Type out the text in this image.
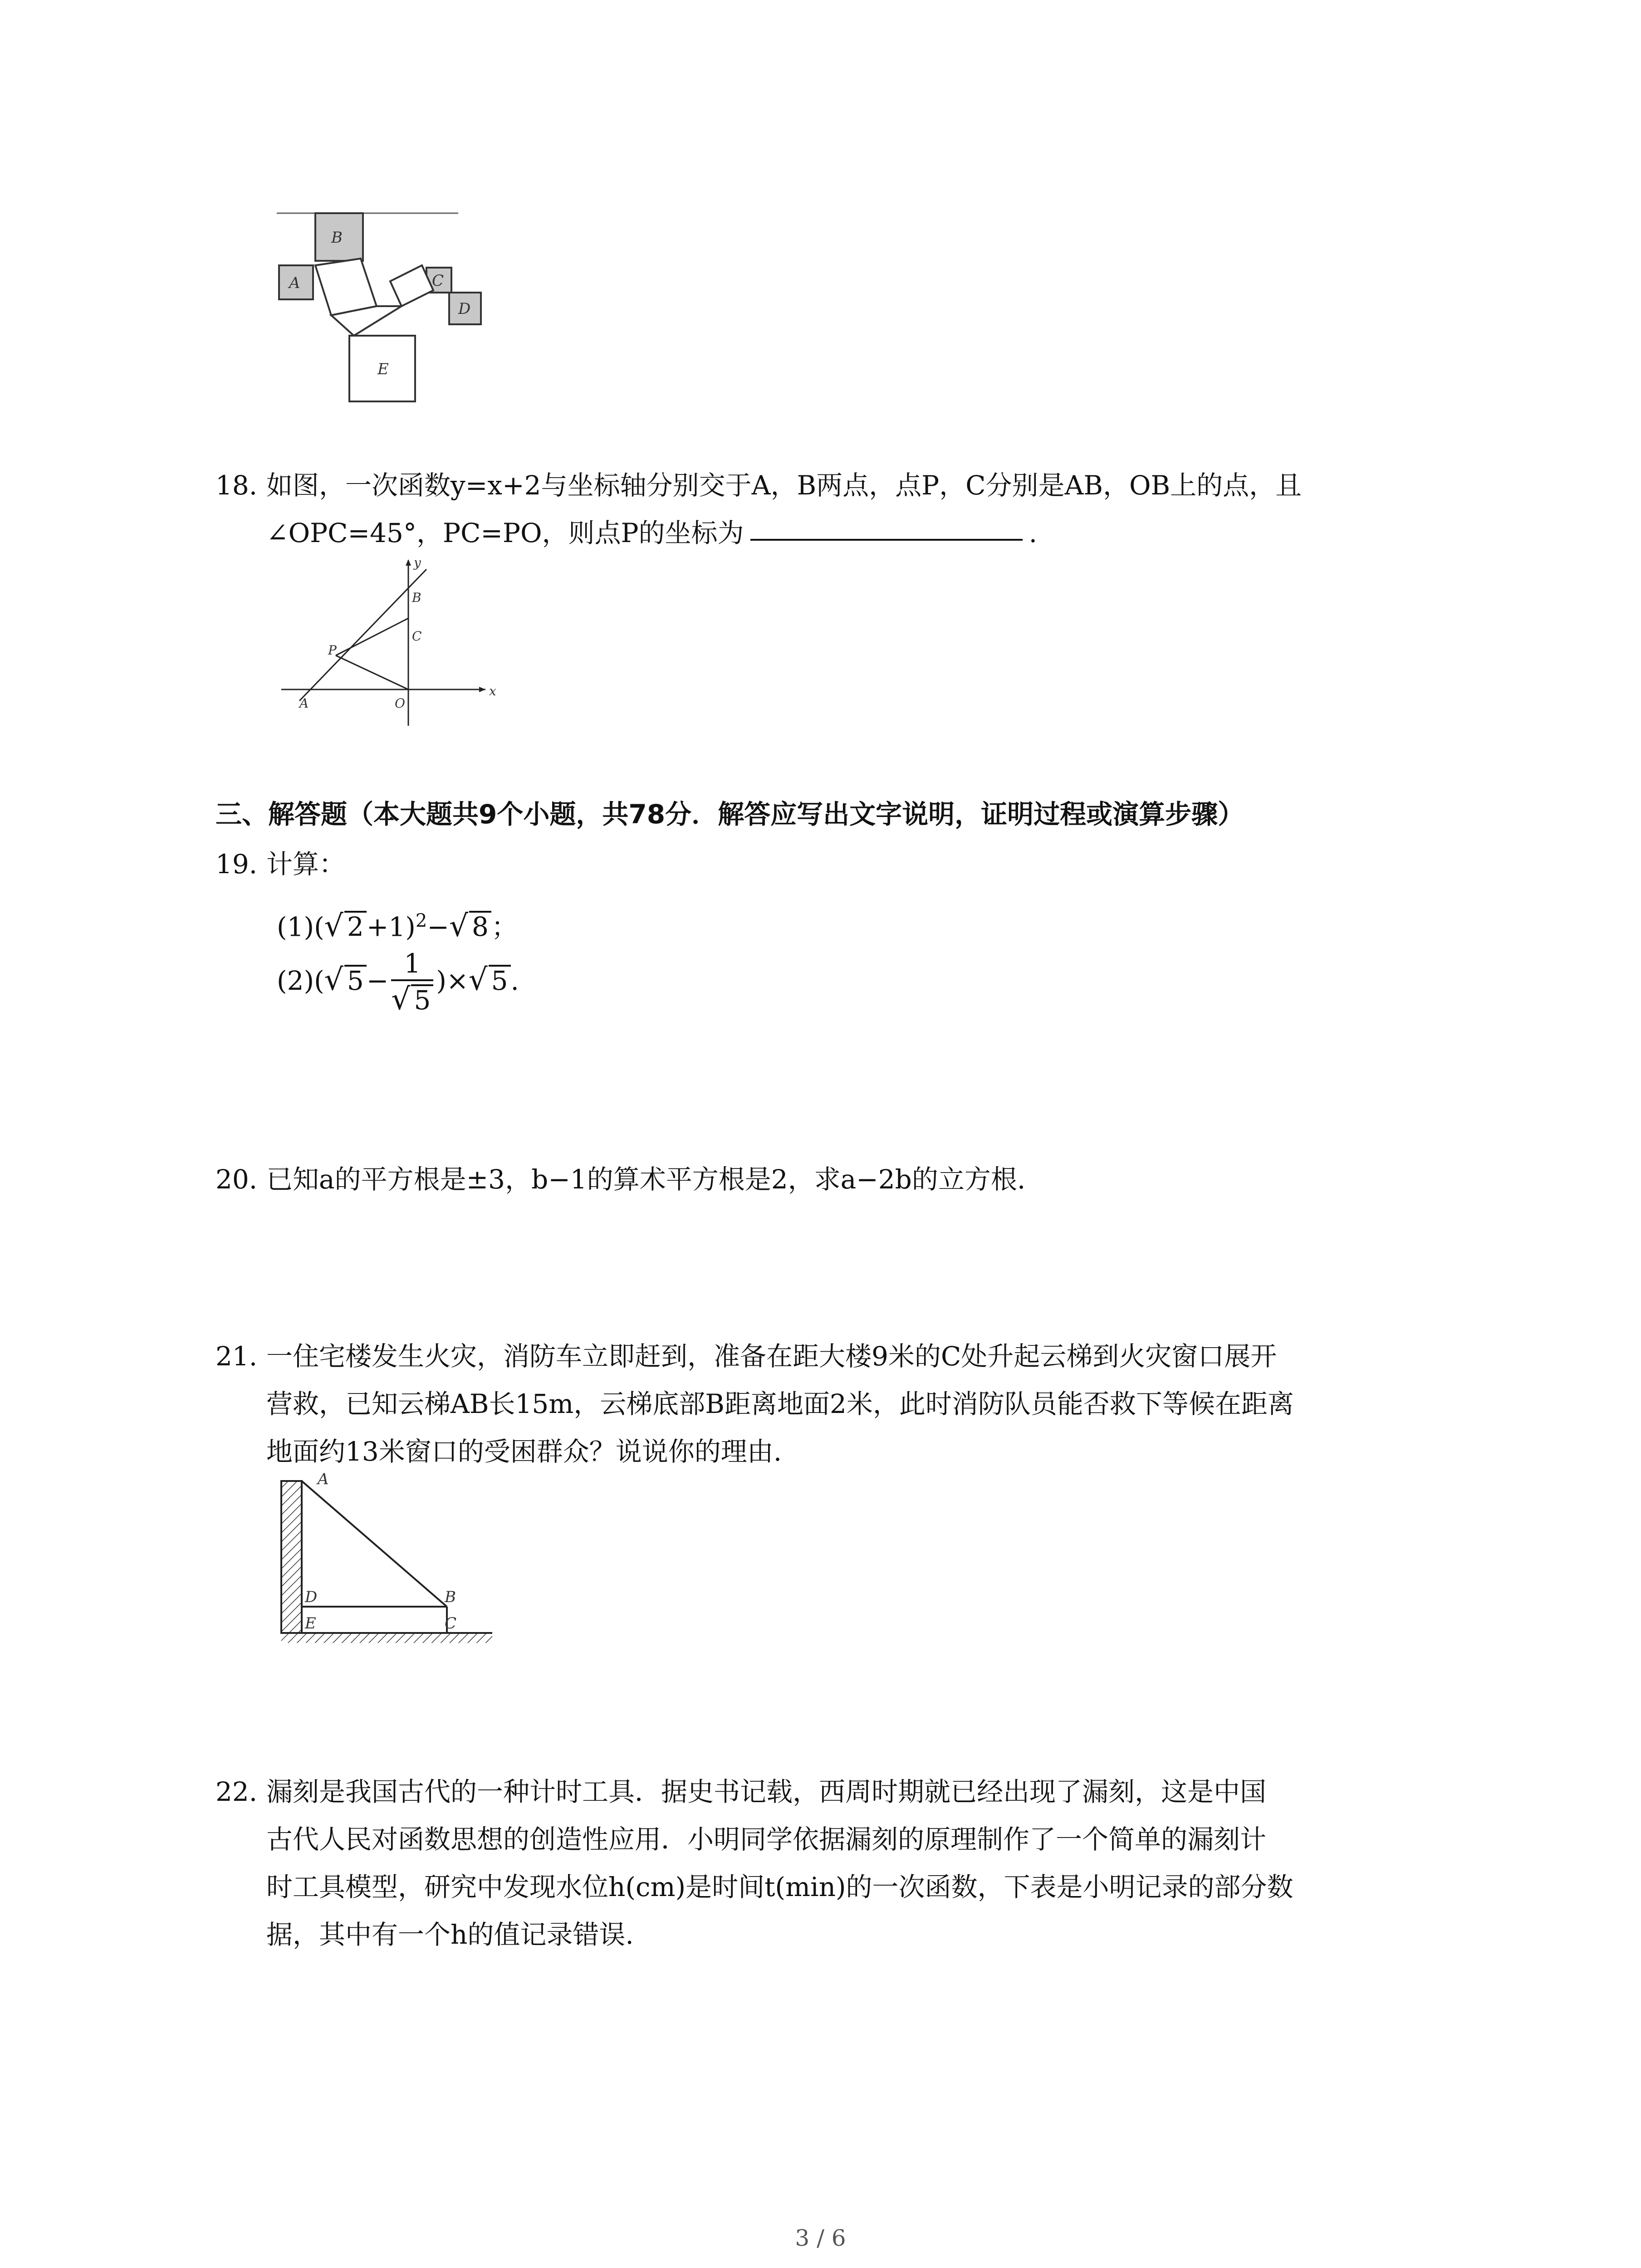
B
A	C
D
E
18. 如图，一次函数y=x+2与坐标轴分别交于A，B两点，点P，C分别是AB，OB上的点，且
∠OPC=45°，PC=PO，则点P的坐标为	.
y
x
B
C
P
A	O
三、解答题（本大题共9个小题，共78分．解答应写出文字说明，证明过程或演算步骤）
19. 计算：
(1)(√ 2 +1)$^2$−√ 8 ；
(2)(√ $5 - \frac{1}{√ 5}$ )×√ 5 .
20. 已知a的平方根是±3，b−1的算术平方根是2，求a−2b的立方根.
21. 一住宅楼发生火灾，消防车立即赶到，准备在距大楼9米的C处升起云梯到火灾窗口展开
营救，已知云梯AB长15m，云梯底部B距离地面2米，此时消防队员能否救下等候在距离
地面约13米窗口的受困群众？说说你的理由.
A
B
C
D
E
22. 漏刻是我国古代的一种计时工具．据史书记载，西周时期就已经出现了漏刻，这是中国
古代人民对函数思想的创造性应用．小明同学依据漏刻的原理制作了一个简单的漏刻计
时工具模型，研究中发现水位h(cm)是时间t(min)的一次函数，下表是小明记录的部分数
据，其中有一个h的值记录错误.
3 / 6
